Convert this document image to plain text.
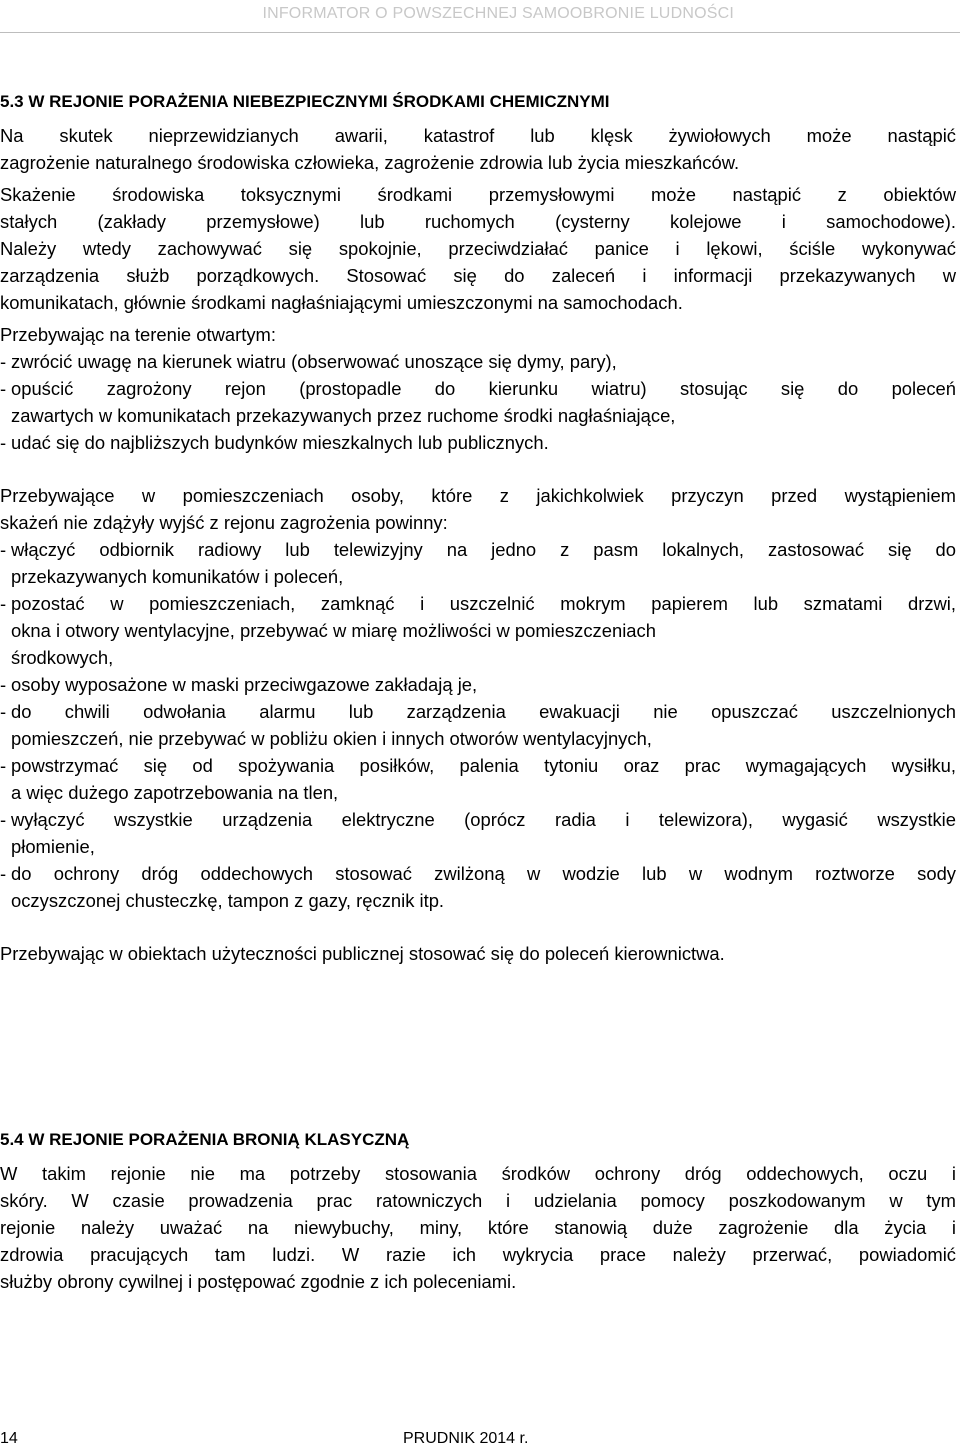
INFORMATOR O POWSZECHNEJ SAMOOBRONIE LUDNOŚCI
5.3 W REJONIE PORAŻENIA NIEBEZPIECZNYMI ŚRODKAMI CHEMICZNYMI

Na skutek nieprzewidzianych awarii, katastrof lub klęsk żywiołowych może nastąpić
zagrożenie naturalnego środowiska człowieka, zagrożenie zdrowia lub życia mieszkańców.

Skażenie środowiska toksycznymi środkami przemysłowymi może nastąpić z obiektów
stałych (zakłady przemysłowe) lub ruchomych (cysterny kolejowe i samochodowe).
Należy wtedy zachowywać się spokojnie, przeciwdziałać panice i lękowi, ściśle wykonywać
zarządzenia służb porządkowych. Stosować się do zaleceń i informacji przekazywanych w
komunikatach, głównie środkami nagłaśniającymi umieszczonymi na samochodach.

Przebywając na terenie otwartym:

- zwrócić uwagę na kierunek wiatru (obserwować unoszące się dymy, pary),
- opuścić zagrożony rejon (prostopadle do kierunku wiatru) stosując się do poleceń
zawartych w komunikatach przekazywanych przez ruchome środki nagłaśniające,
- udać się do najbliższych budynków mieszkalnych lub publicznych.

Przebywające w pomieszczeniach osoby, które z jakichkolwiek przyczyn przed wystąpieniem
skażeń nie zdążyły wyjść z rejonu zagrożenia powinny:

- włączyć odbiornik radiowy lub telewizyjny na jedno z pasm lokalnych, zastosować się do
przekazywanych komunikatów i poleceń,
- pozostać w pomieszczeniach, zamknąć i uszczelnić mokrym papierem lub szmatami drzwi,
okna i otwory wentylacyjne, przebywać w miarę możliwości w pomieszczeniach
środkowych,
- osoby wyposażone w maski przeciwgazowe zakładają je,
- do chwili odwołania alarmu lub zarządzenia ewakuacji nie opuszczać uszczelnionych
pomieszczeń, nie przebywać w pobliżu okien i innych otworów wentylacyjnych,
- powstrzymać się od spożywania posiłków, palenia tytoniu oraz prac wymagających wysiłku,
a więc dużego zapotrzebowania na tlen,
- wyłączyć wszystkie urządzenia elektryczne (oprócz radia i telewizora), wygasić wszystkie
płomienie,
- do ochrony dróg oddechowych stosować zwilżoną w wodzie lub w wodnym roztworze sody
oczyszczonej chusteczkę, tampon z gazy, ręcznik itp.

Przebywając w obiektach użyteczności publicznej stosować się do poleceń kierownictwa.

5.4 W REJONIE PORAŻENIA BRONIĄ KLASYCZNĄ

W takim rejonie nie ma potrzeby stosowania środków ochrony dróg oddechowych, oczu i
skóry. W czasie prowadzenia prac ratowniczych i udzielania pomocy poszkodowanym w tym
rejonie należy uważać na niewybuchy, miny, które stanowią duże zagrożenie dla życia i
zdrowia pracujących tam ludzi. W razie ich wykrycia prace należy przerwać, powiadomić
służby obrony cywilnej i postępować zgodnie z ich poleceniami.

14	PRUDNIK 2014 r.
